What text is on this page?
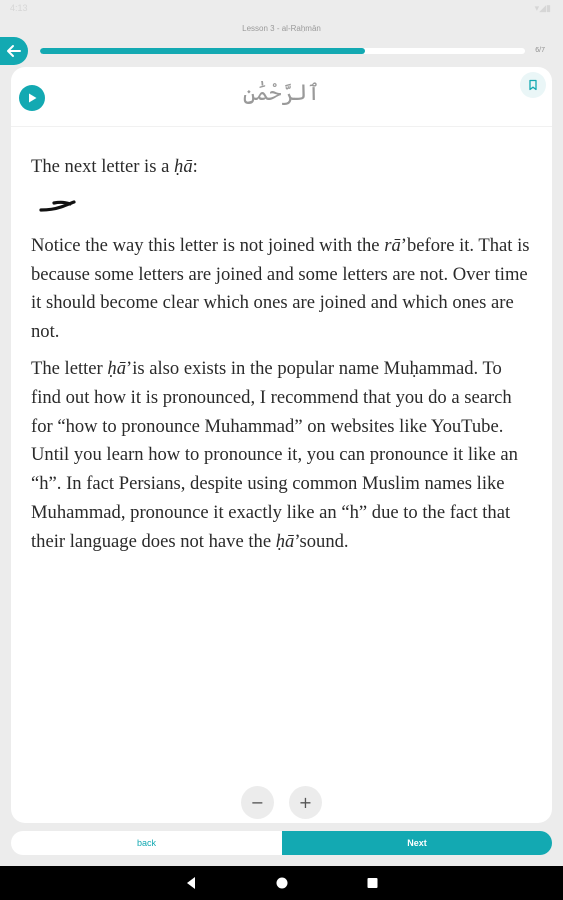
4:13	▾◢▮
Lesson 3 - al-Raḥmān
6/7
ٱلرَّحْمَٰنِ

The next letter is a ḥā:

Notice the way this letter is not joined with the rā’before it. That is because some letters are joined and some letters are not. Over time it should become clear which ones are joined and which ones are not.

The letter ḥā’is also exists in the popular name Muḥammad. To find out how it is pronounced, I recommend that you do a search for “how to pronounce Muhammad” on websites like YouTube. Until you learn how to pronounce it, you can pronounce it like an “h”. In fact Persians, despite using common Muslim names like Muhammad, pronounce it exactly like an “h” due to the fact that their language does not have the ḥā’sound.

−	+
back	Next
